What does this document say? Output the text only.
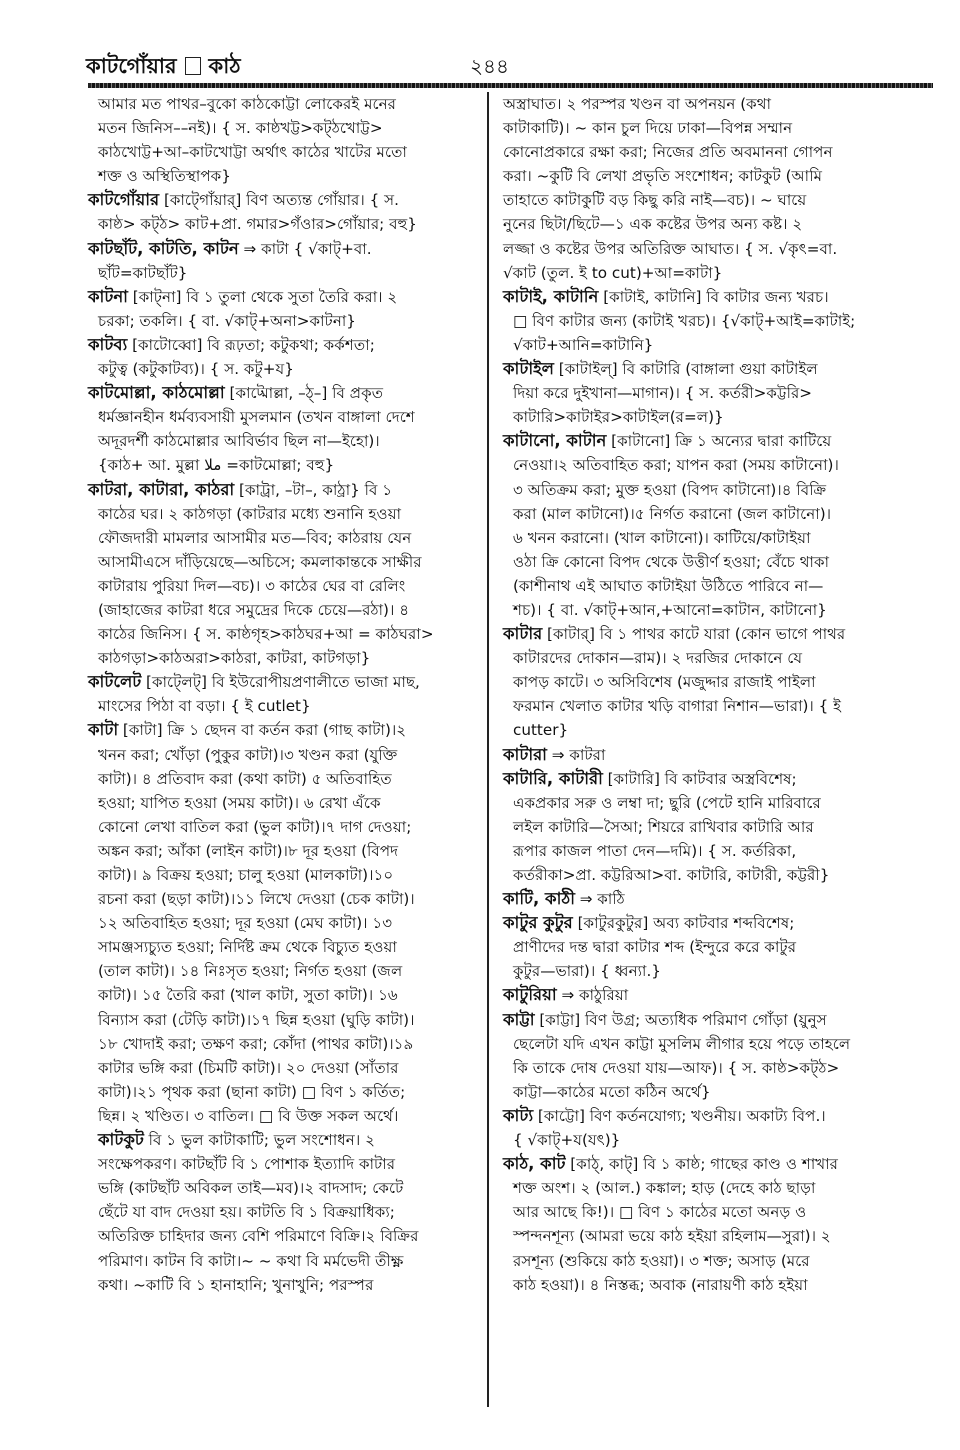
কাটগোঁয়ার কাঠ	২৪৪
আমার মত পাথর–বুকো কাঠকোট্টা লোকেরই মনের
মতন জিনিস––নই)। { স. কাষ্ঠখট্ট>কট্ঠখোট্ট>
কাঠখোট্ট+আ–কাটখোট্টা অর্থাৎ কাঠের খাটের মতো
শক্ত ও অস্থিতিস্থাপক}
কাটগোঁয়ার [কাট্গোঁয়ার্] বিণ অত্যন্ত গোঁয়ার। { স.
কাষ্ঠ> কট্ঠ> কাট+প্রা. গমার>গঁওার>গোঁয়ার; বহু}
কাটছাঁট, কাটতি, কাটন ⇒ কাটা { √কাট্+বা.
ছাঁট=কাটছাঁট}
কাটনা [কাট্না] বি ১ তুলা থেকে সুতা তৈরি করা। ২
চরকা; তকলি। { বা. √কাট্+অনা>কাটনা}
কাটব্য [কাটোব্বো] বি রূঢ়তা; কটুকথা; কর্কশতা;
কটুত্ব (কটুকাটব্য)। { স. কটু+য}
কাটমোল্লা, কাঠমোল্লা [কাট্মোল্লা, –ঠ্–] বি প্রকৃত
ধর্মজ্ঞানহীন ধর্মব্যবসায়ী মুসলমান (তখন বাঙ্গালা দেশে
অদূরদর্শী কাঠমোল্লার আবির্ভাব ছিল না—ইহো)।
{কাঠ+ আ. মুল্লা ملا =কাটমোল্লা; বহু}
কাটরা, কাটারা, কাঠরা [কাট্রা, –টা–, কাঠ্রা} বি ১
কাঠের ঘর। ২ কাঠগড়া (কাটরার মধ্যে শুনানি হওয়া
ফৌজদারী মামলার আসামীর মত—বিব; কাঠরায় যেন
আসামীএসে দাঁড়িয়েছে—অচিসে; কমলাকান্তকে সাক্ষীর
কাটারায় পুরিয়া দিল—বচ)। ৩ কাঠের ঘের বা রেলিং
(জাহাজের কাটরা ধরে সমুদ্রের দিকে চেয়ে—রঠা)। ৪
কাঠের জিনিস। { স. কাষ্ঠগৃহ>কাঠঘর+আ = কাঠঘরা>
কাঠগড়া>কাঠঅরা>কাঠরা, কাটরা, কাটগড়া}
কাটলেট [কাট্লেট্] বি ইউরোপীয়প্রণালীতে ভাজা মাছ,
মাংসের পিঠা বা বড়া। { ই cutlet}
কাটা [কাটা] ক্রি ১ ছেদন বা কর্তন করা (গাছ কাটা)।২
খনন করা; খোঁড়া (পুকুর কাটা)।৩ খণ্ডন করা (যুক্তি
কাটা)। ৪ প্রতিবাদ করা (কথা কাটা) ৫ অতিবাহিত
হওয়া; যাপিত হওয়া (সময় কাটা)। ৬ রেখা এঁকে
কোনো লেখা বাতিল করা (ভুল কাটা)।৭ দাগ দেওয়া;
অঙ্কন করা; আঁকা (লাইন কাটা)।৮ দূর হওয়া (বিপদ
কাটা)। ৯ বিক্রয় হওয়া; চালু হওয়া (মালকাটা)।১০
রচনা করা (ছড়া কাটা)।১১ লিখে দেওয়া (চেক কাটা)।
১২ অতিবাহিত হওয়া; দূর হওয়া (মেঘ কাটা)। ১৩
সামঞ্জস্যচ্যুত হওয়া; নির্দিষ্ট ক্রম থেকে বিচ্যুত হওয়া
(তাল কাটা)। ১৪ নিঃসৃত হওয়া; নির্গত হওয়া (জল
কাটা)। ১৫ তৈরি করা (খাল কাটা, সুতা কাটা)। ১৬
বিন্যাস করা (টেড়ি কাটা)।১৭ ছিন্ন হওয়া (ঘুড়ি কাটা)।
১৮ খোদাই করা; তক্ষণ করা; কোঁদা (পাথর কাটা)।১৯
কাটার ভঙ্গি করা (চিমটি কাটা)। ২০ দেওয়া (সাঁতার
কাটা)।২১ পৃথক করা (ছানা কাটা) □ বিণ ১ কর্তিত;
ছিন্ন। ২ খণ্ডিত। ৩ বাতিল। □ বি উক্ত সকল অর্থে।
কাটকুট বি ১ ভুল কাটাকাটি; ভুল সংশোধন। ২
সংক্ষেপকরণ। কাটছাঁট বি ১ পোশাক ইত্যাদি কাটার
ভঙ্গি (কাটছাঁট অবিকল তাই—মব)।২ বাদসাদ; কেটে
ছেঁটে যা বাদ দেওয়া হয়। কাটতি বি ১ বিক্রয়াধিক্য;
অতিরিক্ত চাহিদার জন্য বেশি পরিমাণে বিক্রি।২ বিক্রির
পরিমাণ। কাটন বি কাটা।~ ~ কথা বি মর্মভেদী তীক্ষ্ণ
কথা। ~কাটি বি ১ হানাহানি; খুনাখুনি; পরস্পর
অস্ত্রাঘাত। ২ পরস্পর খণ্ডন বা অপনয়ন (কথা
কাটাকাটি)। ~ কান চুল দিয়ে ঢাকা—বিপন্ন সম্মান
কোনোপ্রকারে রক্ষা করা; নিজের প্রতি অবমাননা গোপন
করা। ~কুটি বি লেখা প্রভৃতি সংশোধন; কাটকুট (আমি
তাহাতে কাটাকুটি বড় কিছু করি নাই—বচ)। ~ ঘায়ে
নুনের ছিটা/ছিটে—১ এক কষ্টের উপর অন্য কষ্ট। ২
লজ্জা ও কষ্টের উপর অতিরিক্ত আঘাত। { স. √কৃৎ=বা.
√কাট (তুল. ই to cut)+আ=কাটা}
কাটাই, কাটানি [কাটাই, কাটানি] বি কাটার জন্য খরচ।
□ বিণ কাটার জন্য (কাটাই খরচ)। {√কাট্+আই=কাটাই;
√কাট+আনি=কাটানি}
কাটাইল [কাটাইল্] বি কাটারি (বাঙ্গালা গুয়া কাটাইল
দিয়া করে দুইখানা—মাগান)। { স. কর্তরী>কট্টরি>
কাটারি>কাটাইর>কাটাইল(র=ল)}
কাটানো, কাটান [কাটানো] ক্রি ১ অন্যের দ্বারা কাটিয়ে
নেওয়া।২ অতিবাহিত করা; যাপন করা (সময় কাটানো)।
৩ অতিক্রম করা; মুক্ত হওয়া (বিপদ কাটানো)।৪ বিক্রি
করা (মাল কাটানো)।৫ নির্গত করানো (জল কাটানো)।
৬ খনন করানো। (খাল কাটানো)। কাটিয়ে/কাটাইয়া
ওঠা ক্রি কোনো বিপদ থেকে উত্তীর্ণ হওয়া; বেঁচে থাকা
(কাশীনাথ এই আঘাত কাটাইয়া উঠিতে পারিবে না—
শচ)। { বা. √কাট্+আন,+আনো=কাটান, কাটানো}
কাটার [কাটার্] বি ১ পাথর কাটে যারা (কোন ভাগে পাথর
কাটারদের দোকান—রাম)। ২ দরজির দোকানে যে
কাপড় কাটে। ৩ অসিবিশেষ (মজুদ্দার রাজাই পাইলা
ফরমান খেলাত কাটার খড়ি বাগারা নিশান—ভারা)। { ই
cutter}
কাটারা ⇒ কাটরা
কাটারি, কাটারী [কাটারি] বি কাটবার অস্ত্রবিশেষ;
একপ্রকার সরু ও লম্বা দা; ছুরি (পেটে হানি মারিবারে
লইল কাটারি—সৈআ; শিয়রে রাখিবার কাটারি আর
রূপার কাজল পাতা দেন—দমি)। { স. কর্তরিকা,
কর্তরীকা>প্রা. কট্টরিআ>বা. কাটারি, কাটারী, কট্টরী}
কাটি, কাঠী ⇒ কাঠি
কাটুর কুটুর [কাটুরকুটুর] অব্য কাটবার শব্দবিশেষ;
প্রাণীদের দন্ত দ্বারা কাটার শব্দ (ইন্দুরে করে কাটুর
কুটুর—ভারা)। { ধ্বন্যা.}
কাটুরিয়া ⇒ কাঠুরিয়া
কাট্টা [কাট্টা] বিণ উগ্র; অত্যধিক পরিমাণ গোঁড়া (য়ুনুস
ছেলেটা যদি এখন কাট্টা মুসলিম লীগার হয়ে পড়ে তাহলে
কি তাকে দোষ দেওয়া যায়—আফ)। { স. কাষ্ঠ>কট্ঠ>
কাট্টা—কাঠের মতো কঠিন অর্থে}
কাট্য [কাট্টো] বিণ কর্তনযোগ্য; খণ্ডনীয়। অকাট্য বিপ.।
{ √কাট্+য(যৎ)}
কাঠ, কাট [কাঠ্, কাট্] বি ১ কাষ্ঠ; গাছের কাণ্ড ও শাখার
শক্ত অংশ। ২ (আল.) কঙ্কাল; হাড় (দেহে কাঠ ছাড়া
আর আছে কি!)। □ বিণ ১ কাঠের মতো অনড় ও
স্পন্দনশূন্য (আমরা ভয়ে কাঠ হইয়া রহিলাম—সুরা)। ২
রসশূন্য (শুকিয়ে কাঠ হওয়া)। ৩ শক্ত; অসাড় (মরে
কাঠ হওয়া)। ৪ নিস্তব্ধ; অবাক (নারায়ণী কাঠ হইয়া
